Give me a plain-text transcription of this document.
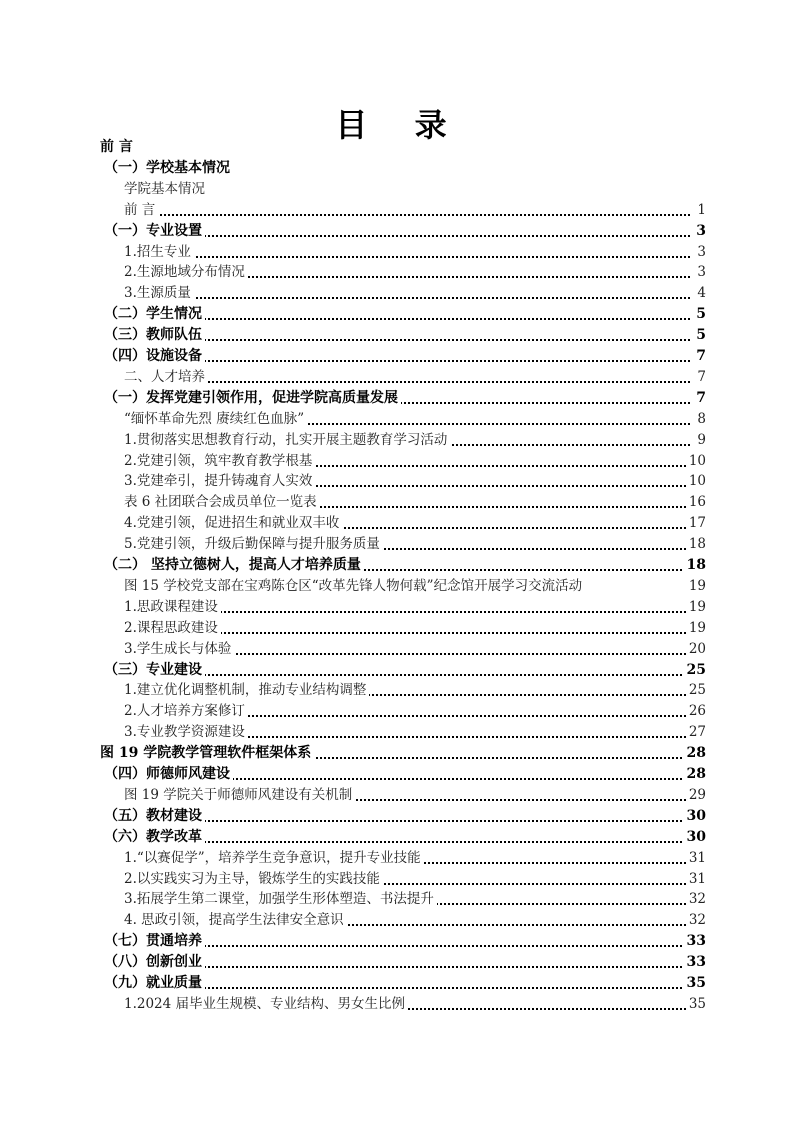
目 录
前 言
（一）学校基本情况
学院基本情况
前 言	1
（一）专业设置	3
1.招生专业	3
2.生源地域分布情况	3
3.生源质量	4
（二）学生情况	5
（三）教师队伍	5
（四）设施设备	7
二、人才培养	7
（一）发挥党建引领作用，促进学院高质量发展	7
“缅怀革命先烈 赓续红色血脉”	8
1.贯彻落实思想教育行动，扎实开展主题教育学习活动	9
2.党建引领，筑牢教育教学根基	10
3.党建牵引，提升铸魂育人实效	10
表 6 社团联合会成员单位一览表	16
4.党建引领，促进招生和就业双丰收	17
5.党建引领，升级后勤保障与提升服务质量	18
（二） 坚持立德树人，提高人才培养质量	18
图 15 学校党支部在宝鸡陈仓区“改革先锋人物何载”纪念馆开展学习交流活动	19
1.思政课程建设	19
2.课程思政建设	19
3.学生成长与体验	20
（三）专业建设	25
1.建立优化调整机制，推动专业结构调整	25
2.人才培养方案修订	26
3.专业教学资源建设	27
图 19 学院教学管理软件框架体系	28
（四）师德师风建设	28
图 19 学院关于师德师风建设有关机制	29
（五）教材建设	30
（六）教学改革	30
1.“以赛促学”，培养学生竞争意识，提升专业技能	31
2.以实践实习为主导，锻炼学生的实践技能	31
3.拓展学生第二课堂，加强学生形体塑造、书法提升	32
4. 思政引领，提高学生法律安全意识	32
（七）贯通培养	33
（八）创新创业	33
（九）就业质量	35
1.2024 届毕业生规模、专业结构、男女生比例	35
